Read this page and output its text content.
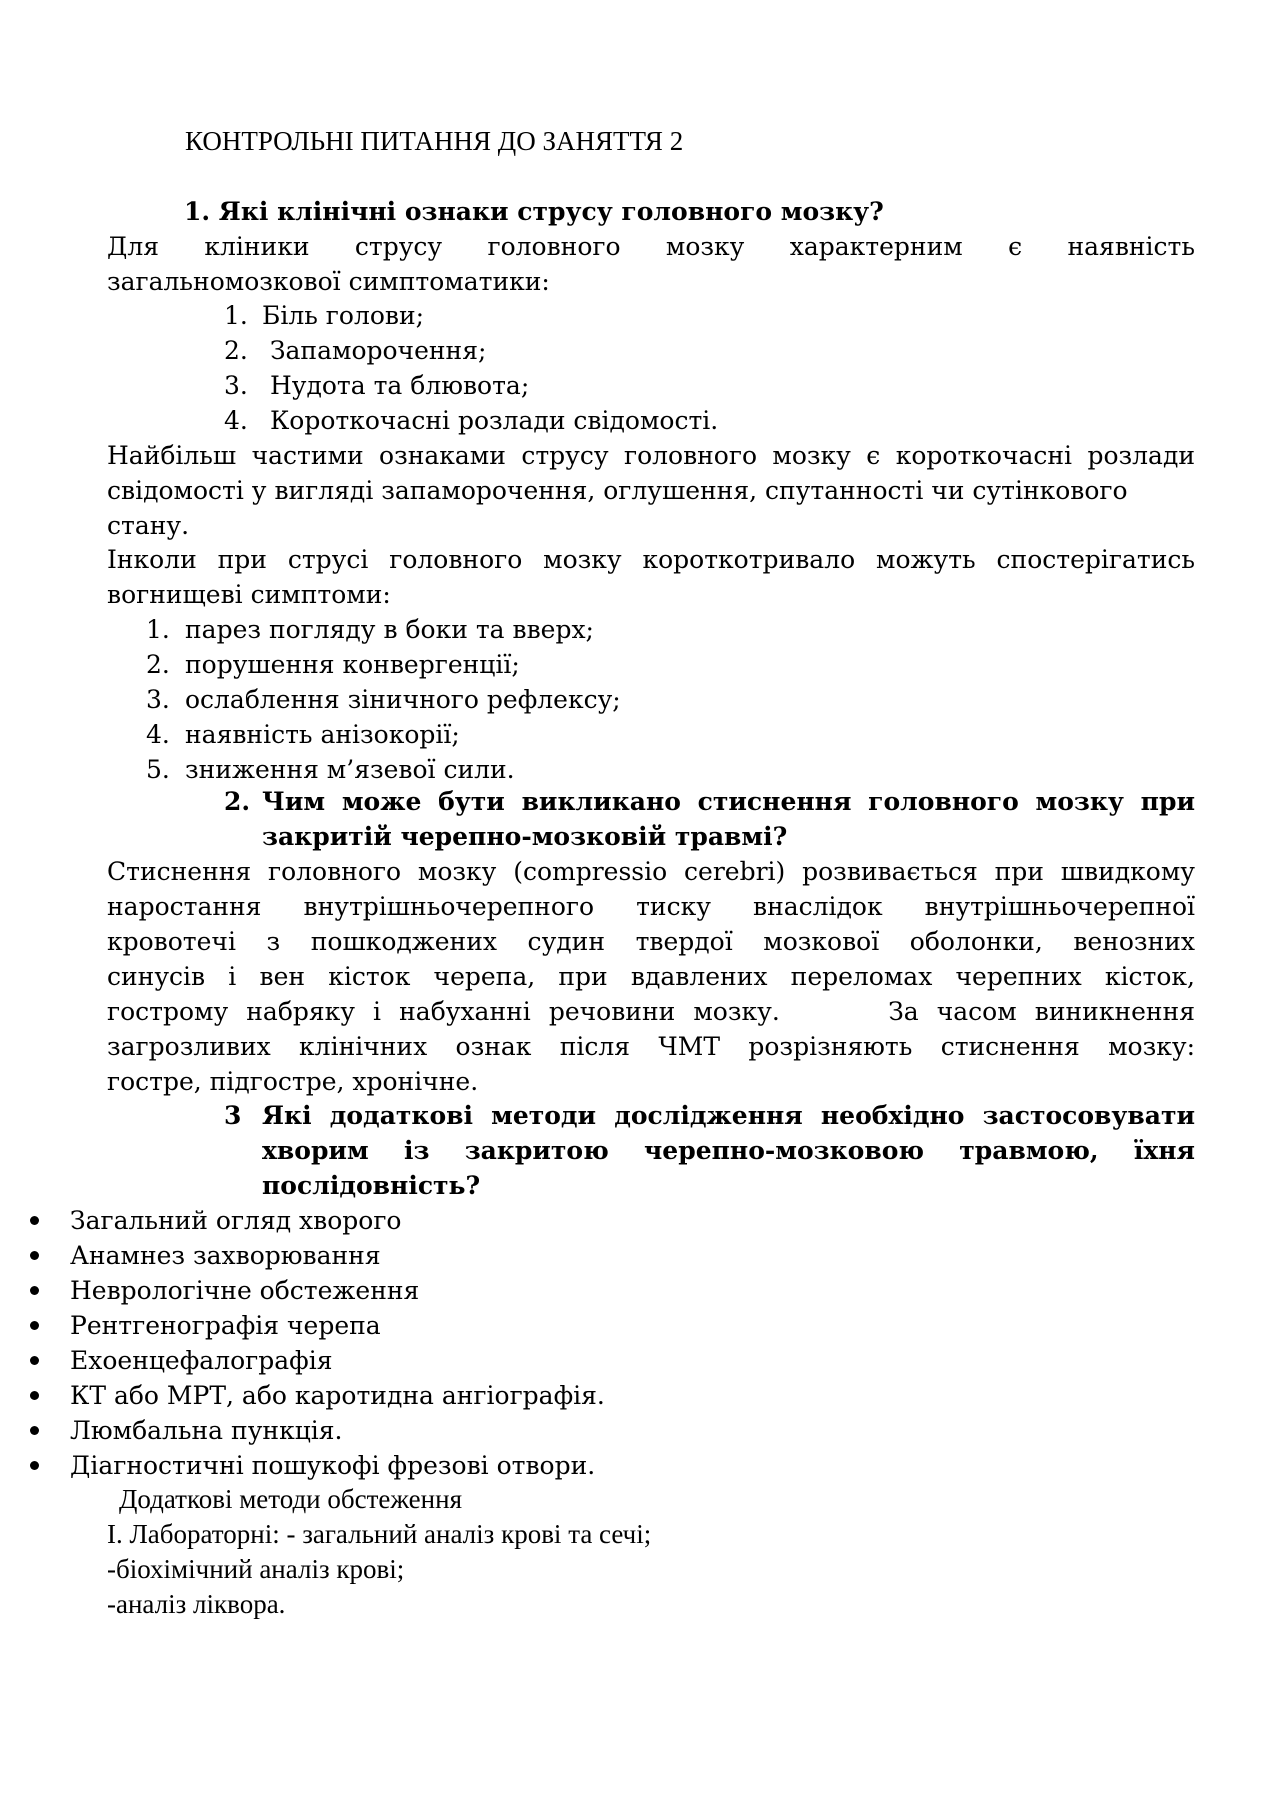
КОНТРОЛЬНІ ПИТАННЯ ДО ЗАНЯТТЯ 2
1. Які клінічні ознаки струсу головного мозку?
Для кліники струсу головного мозку характерним є наявність
загальномозкової симптоматики:
1. Біль голови;
2. Запаморочення;
3. Нудота та блювота;
4. Короткочасні розлади свідомості.
Найбільш частими ознаками струсу головного мозку є короткочасні розлади
свідомості у вигляді запаморочення, оглушення, спутанності чи сутінкового
стану.
Інколи при струсі головного мозку короткотривало можуть спостерігатись
вогнищеві симптоми:
1. парез погляду в боки та вверх;
2. порушення конвергенції;
3. ослаблення зіничного рефлексу;
4. наявність анізокорії;
5. зниження м’язевої сили.
2. Чим може бути викликано стиснення головного мозку при
закритій черепно-мозковій травмі?
Стиснення головного мозку (compressio cerebri) розвивається при швидкому
наростання внутрішньочерепного тиску внаслідок внутрішньочерепної
кровотечі з пошкоджених судин твердої мозкової оболонки, венозних
синусів і вен кісток черепа, при вдавлених переломах черепних кісток,
гострому набряку і набуханні речовини мозку.      За часом виникнення
загрозливих клінічних ознак після ЧМТ розрізняють стиснення мозку:
гостре, підгостре, хронічне.
3 Які додаткові методи дослідження необхідно застосовувати
хворим із закритою черепно-мозковою травмою, їхня
послідовність?
Загальний огляд хворого
Анамнез захворювання
Неврологічне обстеження
Рентгенографія черепа
Ехоенцефалографія
КТ або МРТ, або каротидна ангіографія.
Люмбальна пункція.
Діагностичні пошукофі фрезові отвори.
Додаткові методи обстеження
I. Лабораторні: - загальний аналіз крові та сечі;
-біохімічний аналіз крові;
-аналіз ліквора.
